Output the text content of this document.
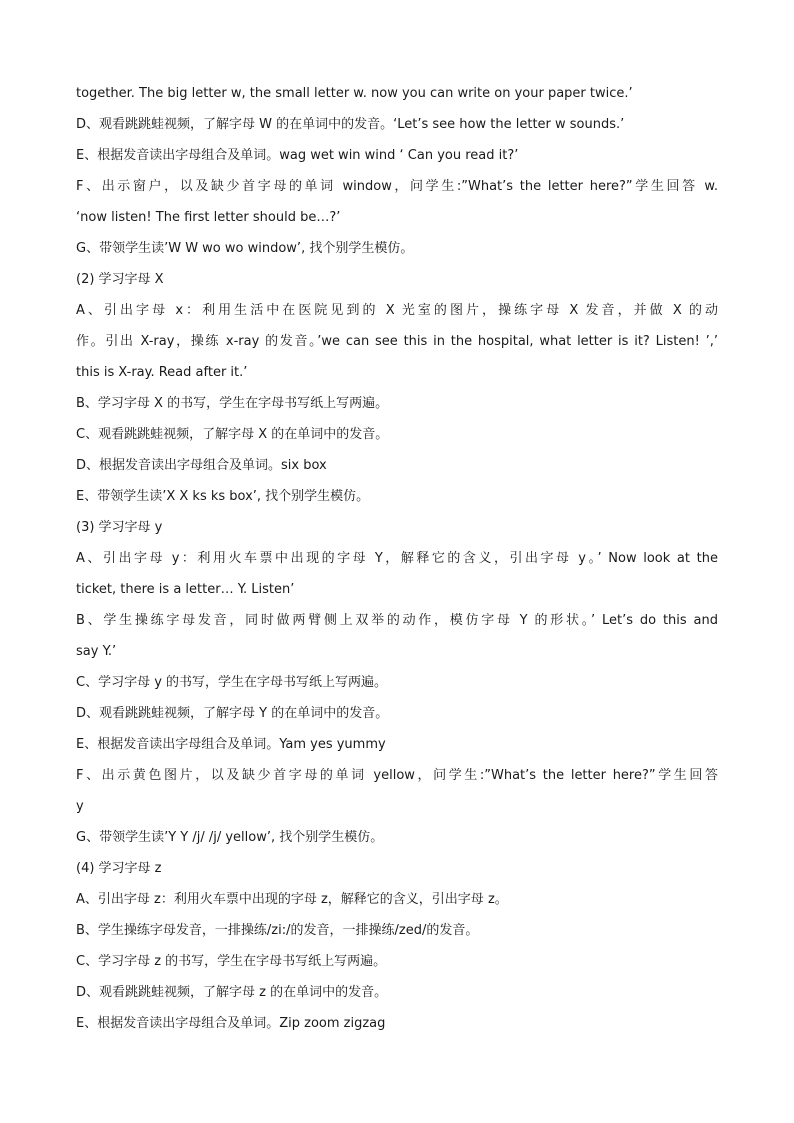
together. The big letter w, the small letter w. now you can write on your paper twice.’
D、观看跳跳蛙视频，了解字母 W 的在单词中的发音。‘Let’s see how the letter w sounds.’
E、根据发音读出字母组合及单词。wag wet win wind ‘ Can you read it?’
F、出示窗户，以及缺少首字母的单词 window，问学生:”What’s the letter here?”学生回答 w.
‘now listen! The first letter should be…?’
G、带领学生读’W W wo wo window’, 找个别学生模仿。
(2) 学习字母 X
A、引出字母 x：利用生活中在医院见到的 X 光室的图片，操练字母 X 发音，并做 X 的动
作。引出 X-ray，操练 x-ray 的发音。’we can see this in the hospital, what letter is it? Listen! ’,’
this is X-ray. Read after it.’
B、学习字母 X 的书写，学生在字母书写纸上写两遍。
C、观看跳跳蛙视频，了解字母 X 的在单词中的发音。
D、根据发音读出字母组合及单词。six box
E、带领学生读’X X ks ks box’, 找个别学生模仿。
(3) 学习字母 y
A、引出字母 y：利用火车票中出现的字母 Y，解释它的含义，引出字母 y。’ Now look at the
ticket, there is a letter… Y. Listen’
B、学生操练字母发音，同时做两臂侧上双举的动作，模仿字母 Y 的形状。’ Let’s do this and
say Y.’
C、学习字母 y 的书写，学生在字母书写纸上写两遍。
D、观看跳跳蛙视频，了解字母 Y 的在单词中的发音。
E、根据发音读出字母组合及单词。Yam yes yummy
F、出示黄色图片，以及缺少首字母的单词 yellow，问学生:”What’s the letter here?”学生回答
y
G、带领学生读’Y Y /j/ /j/ yellow’, 找个别学生模仿。
(4) 学习字母 z
A、引出字母 z：利用火车票中出现的字母 z，解释它的含义，引出字母 z。
B、学生操练字母发音，一排操练/zi:/的发音，一排操练/zed/的发音。
C、学习字母 z 的书写，学生在字母书写纸上写两遍。
D、观看跳跳蛙视频，了解字母 z 的在单词中的发音。
E、根据发音读出字母组合及单词。Zip zoom zigzag
